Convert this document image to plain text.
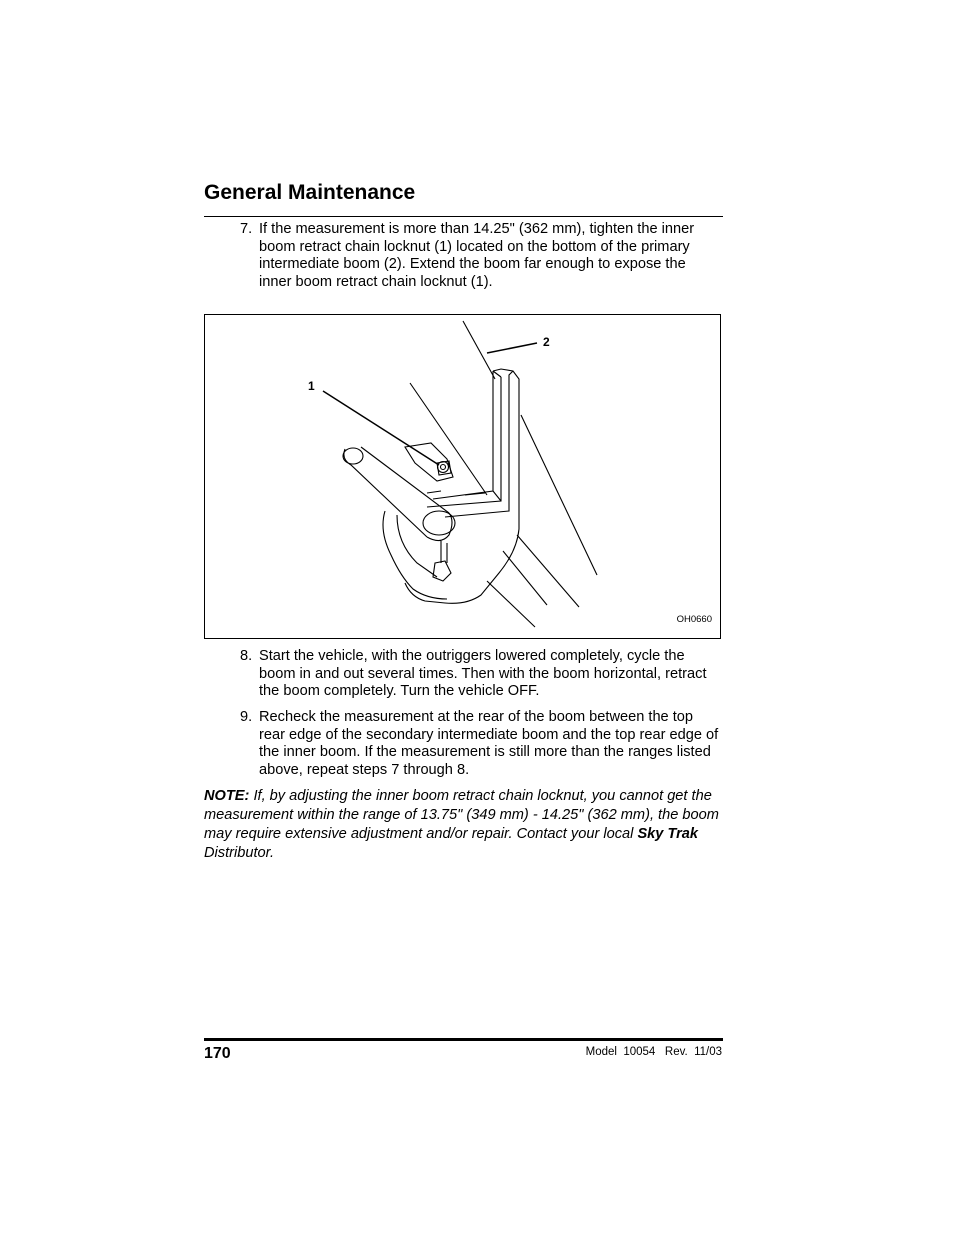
General Maintenance
7. If the measurement is more than 14.25" (362 mm), tighten the inner boom retract chain locknut (1) located on the bottom of the primary intermediate boom (2). Extend the boom far enough to expose the inner boom retract chain locknut (1).
1
2
OH0660
8. Start the vehicle, with the outriggers lowered completely, cycle the boom in and out several times. Then with the boom horizontal, retract the boom completely. Turn the vehicle OFF.
9. Recheck the measurement at the rear of the boom between the top rear edge of the secondary intermediate boom and the top rear edge of the inner boom. If the measurement is still more than the ranges listed above, repeat steps 7 through 8.
NOTE: If, by adjusting the inner boom retract chain locknut, you cannot get the measurement within the range of 13.75" (349 mm) - 14.25" (362 mm), the boom may require extensive adjustment and/or repair. Contact your local Sky Trak Distributor.
170	Model  10054   Rev.  11/03
